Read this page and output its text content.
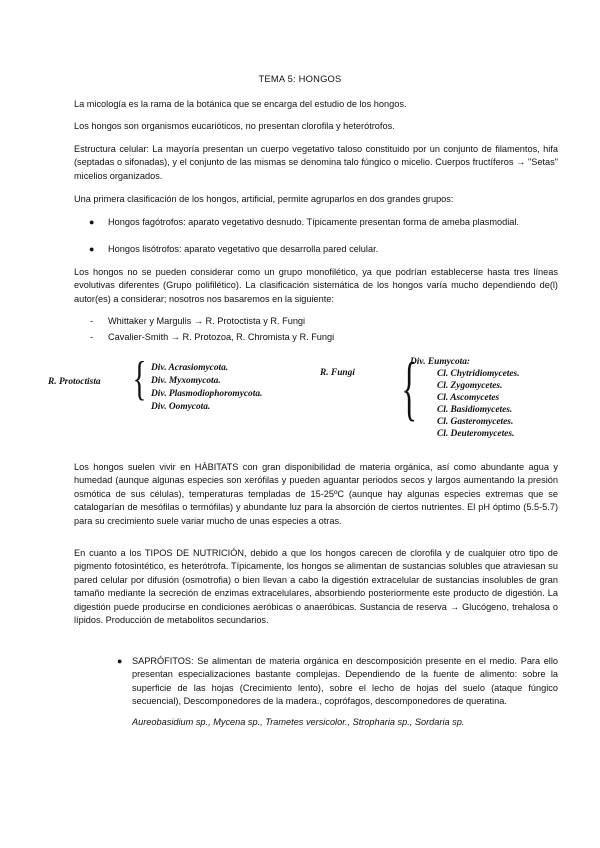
TEMA 5: HONGOS

La micología es la rama de la botánica que se encarga del estudio de los hongos.

Los hongos son organismos eucarióticos, no presentan clorofila y heterótrofos.

Estructura celular: La mayoría presentan un cuerpo vegetativo taloso constituido por un conjunto de filamentos, hifa (septadas o sifonadas), y el conjunto de las mismas se denomina talo fúngico o micelio. Cuerpos fructíferos → "Setas" micelios organizados.

Una primera clasificación de los hongos, artificial, permite agruparlos en dos grandes grupos:

●	Hongos fagótrofos: aparato vegetativo desnudo. Típicamente presentan forma de ameba plasmodial.

●	Hongos lisótrofos: aparato vegetativo que desarrolla pared celular.

Los hongos no se pueden considerar como un grupo monofilético, ya que podrían establecerse hasta tres líneas evolutivas diferentes (Grupo polifilético). La clasificación sistemática de los hongos varía mucho dependiendo de(l) autor(es) a considerar; nosotros nos basaremos en la siguiente:

-	Whittaker y Margulis → R. Protoctista y R. Fungi

-	Cavalier-Smith → R. Protozoa, R. Chromista y R. Fungi

R. Protoctista { Div. Acrasiomycota.
Div. Myxomycota.
Div. Plasmodiophoromycota.
Div. Oomycota.
R. Fungi {
Div. Eumycota:
Cl. Chytridiomycetes.
Cl. Zygomycetes.
Cl. Ascomycetes
Cl. Basidiomycetes.
Cl. Gasteromycetes.
Cl. Deuteromycetes.

Los hongos suelen vivir en HÁBITATS con gran disponibilidad de materia orgánica, así como abundante agua y humedad (aunque algunas especies son xerófilas y pueden aguantar periodos secos y largos aumentando la presión osmótica de sus células), temperaturas templadas de 15-25ºC (aunque hay algunas especies extremas que se catalogarían de mesófilas o termófilas) y abundante luz para la absorción de ciertos nutrientes. El pH óptimo (5.5-5.7) para su crecimiento suele variar mucho de unas especies a otras.

En cuanto a los TIPOS DE NUTRICIÓN, debido a que los hongos carecen de clorofila y de cualquier otro tipo de pigmento fotosintético, es heterótrofa. Típicamente, los hongos se alimentan de sustancias solubles que atraviesan su pared celular por difusión (osmotrofia) o bien llevan a cabo la digestión extracelular de sustancias insolubles de gran tamaño mediante la secreción de enzimas extracelulares, absorbiendo posteriormente este producto de digestión. La digestión puede producirse en condiciones aeróbicas o anaeróbicas. Sustancia de reserva → Glucógeno, trehalosa o lípidos. Producción de metabolitos secundarios.

●	SAPRÓFITOS: Se alimentan de materia orgánica en descomposición presente en el medio. Para ello presentan especializaciones bastante complejas. Dependiendo de la fuente de alimento: sobre la superficie de las hojas (Crecimiento lento), sobre el lecho de hojas del suelo (ataque fúngico secuencial), Descomponedores de la madera., coprófagos, descomponedores de queratina.

Aureobasidium sp., Mycena sp., Trametes versicolor., Stropharia sp., Sordaria sp.
